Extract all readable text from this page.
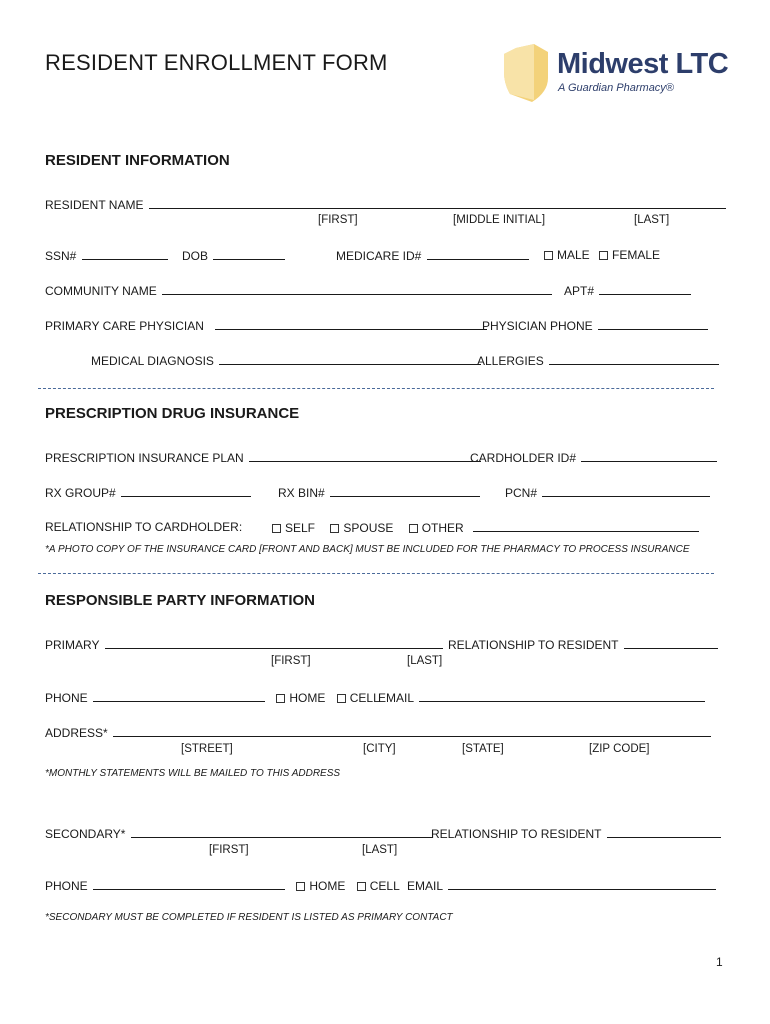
RESIDENT ENROLLMENT FORM	Midwest LTC
A Guardian Pharmacy®
RESIDENT INFORMATION
RESIDENT NAME
[FIRST]	[MIDDLE INITIAL]	[LAST]
SSN#	DOB	MEDICARE ID#	MALE FEMALE
COMMUNITY NAME	APT#
PRIMARY CARE PHYSICIAN	PHYSICIAN PHONE
MEDICAL DIAGNOSIS	ALLERGIES
PRESCRIPTION DRUG INSURANCE
PRESCRIPTION INSURANCE PLAN	CARDHOLDER ID#
RX GROUP#	RX BIN#	PCN#
RELATIONSHIP TO CARDHOLDER:	SELF SPOUSE OTHER
*A PHOTO COPY OF THE INSURANCE CARD [FRONT AND BACK] MUST BE INCLUDED FOR THE PHARMACY TO PROCESS INSURANCE
RESPONSIBLE PARTY INFORMATION
PRIMARY	RELATIONSHIP TO RESIDENT
[FIRST]	[LAST]
PHONE	HOME CELL
EMAIL
ADDRESS*
[STREET]	[CITY]	[STATE]	[ZIP CODE]
*MONTHLY STATEMENTS WILL BE MAILED TO THIS ADDRESS
SECONDARY*	RELATIONSHIP TO RESIDENT
[FIRST]	[LAST]
PHONE	HOME CELL EMAIL
*SECONDARY MUST BE COMPLETED IF RESIDENT IS LISTED AS PRIMARY CONTACT
1
